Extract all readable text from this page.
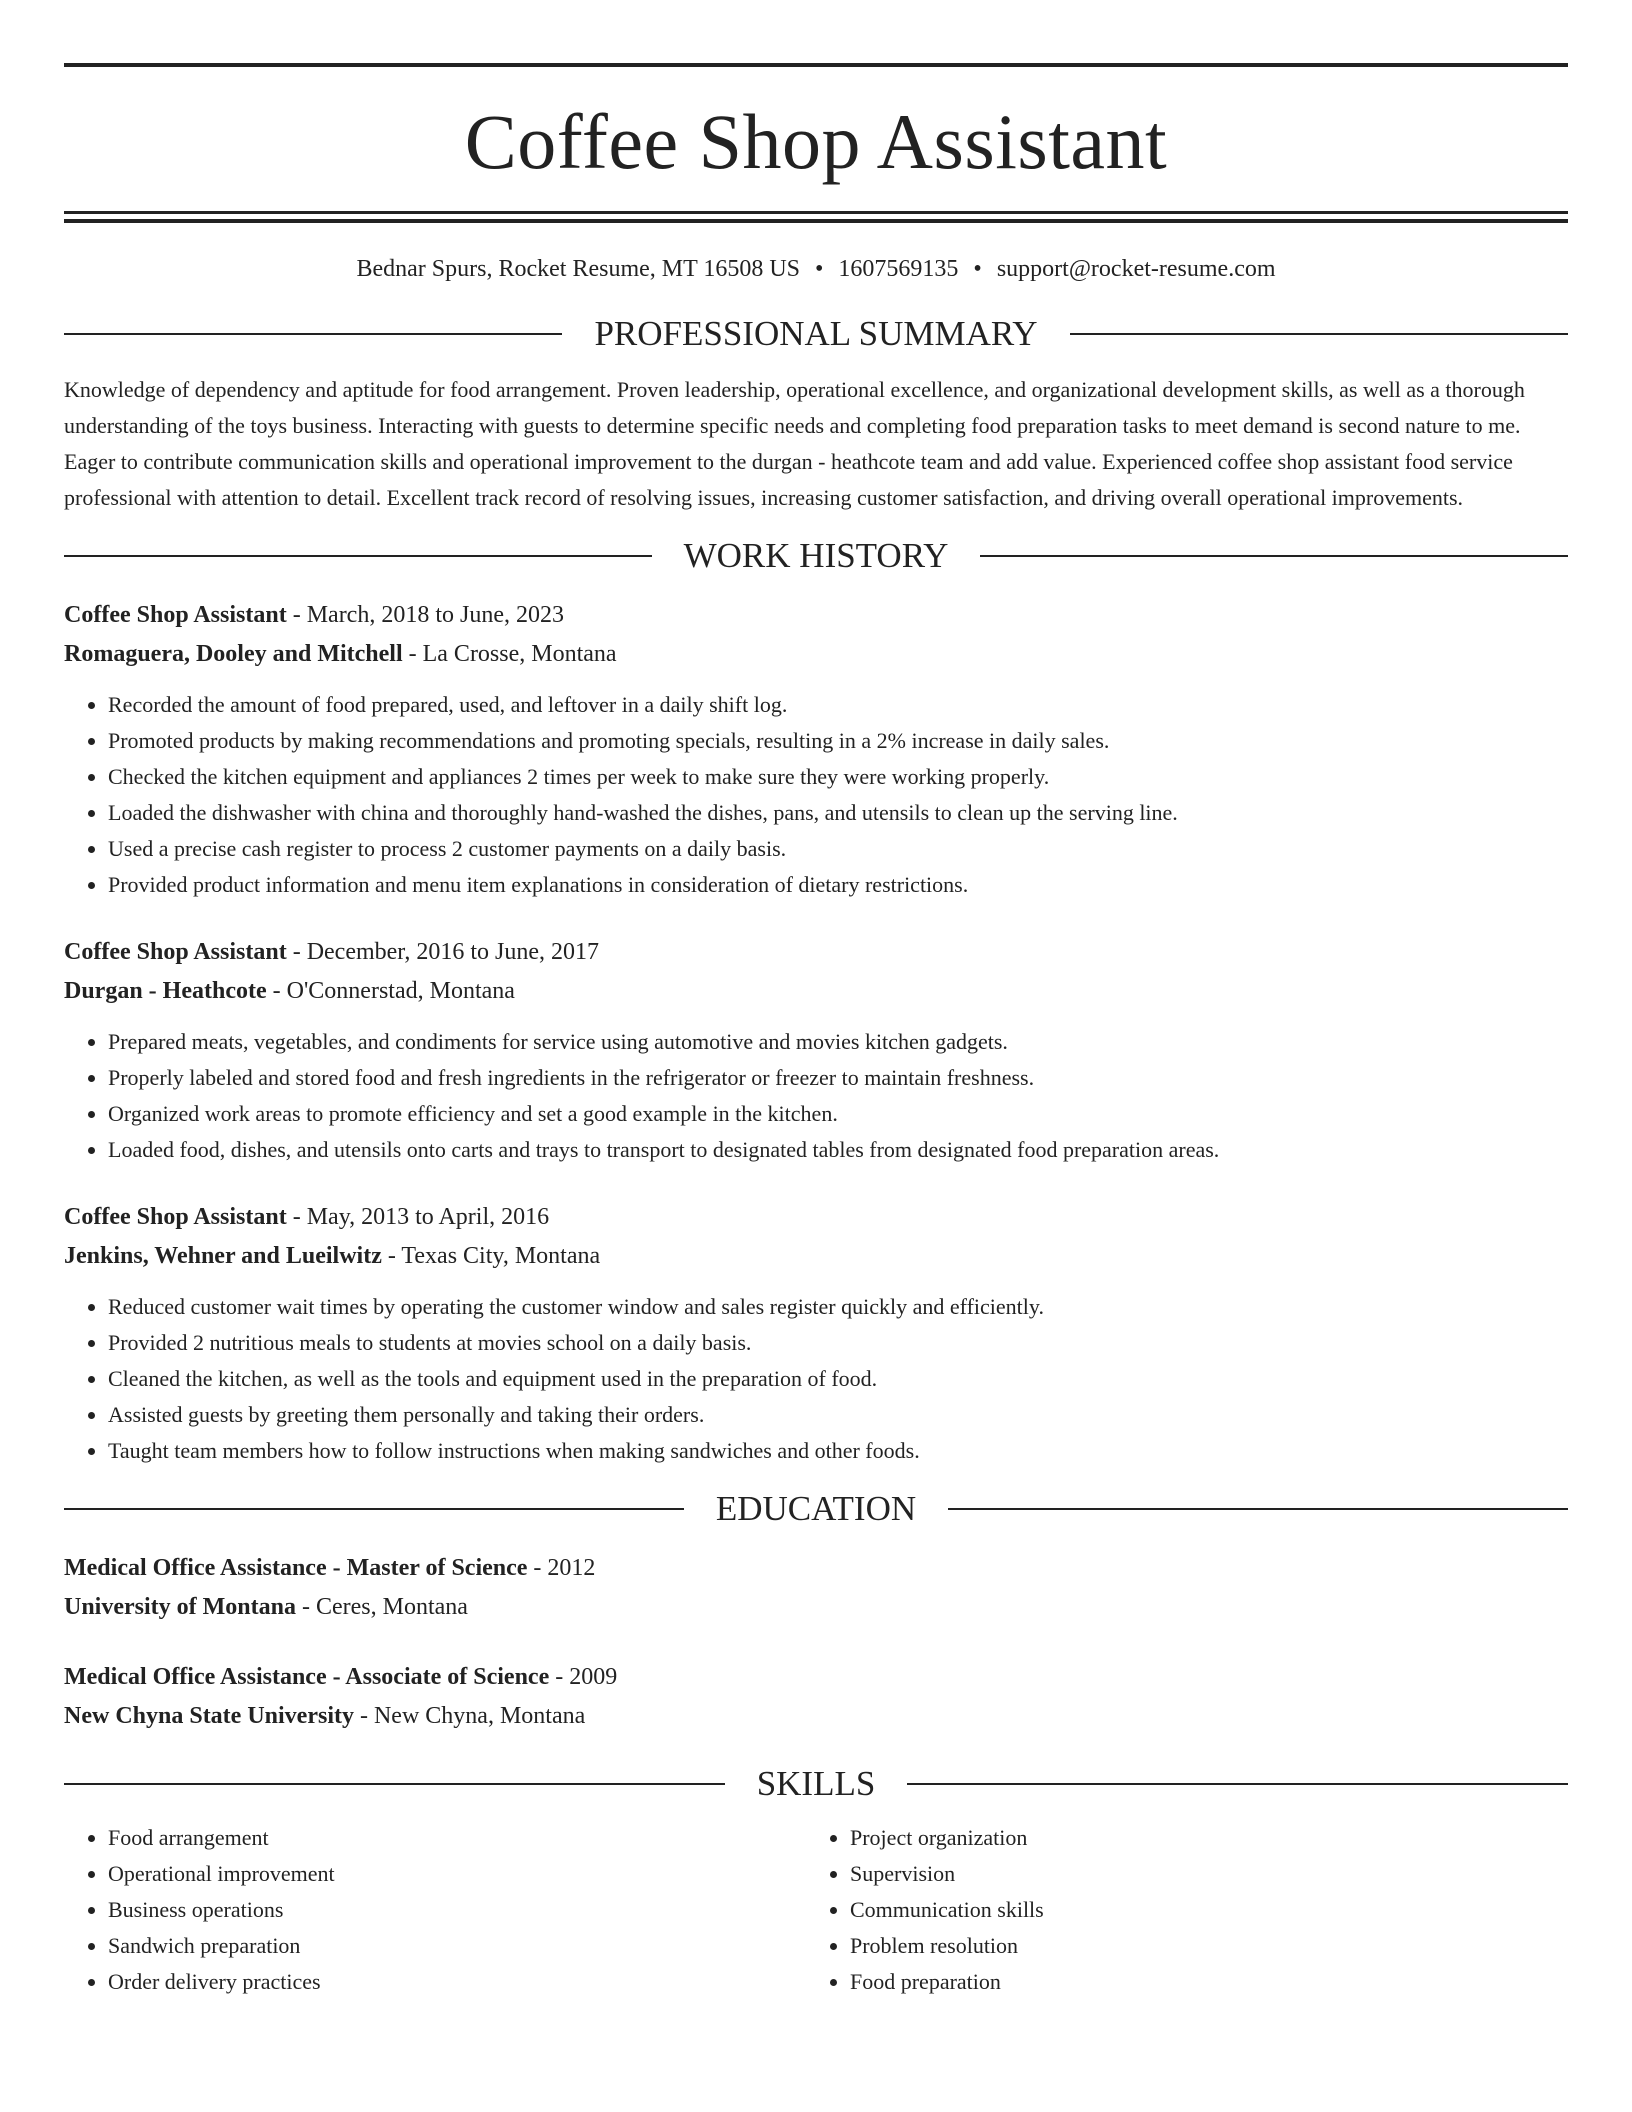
Coffee Shop Assistant
Bednar Spurs, Rocket Resume, MT 16508 US • 1607569135 • support@rocket-resume.com
PROFESSIONAL SUMMARY

Knowledge of dependency and aptitude for food arrangement. Proven leadership, operational excellence, and organizational development skills, as well as a thorough understanding of the toys business. Interacting with guests to determine specific needs and completing food preparation tasks to meet demand is second nature to me. Eager to contribute communication skills and operational improvement to the durgan - heathcote team and add value. Experienced coffee shop assistant food service professional with attention to detail. Excellent track record of resolving issues, increasing customer satisfaction, and driving overall operational improvements.

WORK HISTORY
Coffee Shop Assistant - March, 2018 to June, 2023
Romaguera, Dooley and Mitchell - La Crosse, Montana
• Recorded the amount of food prepared, used, and leftover in a daily shift log.
• Promoted products by making recommendations and promoting specials, resulting in a 2% increase in daily sales.
• Checked the kitchen equipment and appliances 2 times per week to make sure they were working properly.
• Loaded the dishwasher with china and thoroughly hand-washed the dishes, pans, and utensils to clean up the serving line.
• Used a precise cash register to process 2 customer payments on a daily basis.
• Provided product information and menu item explanations in consideration of dietary restrictions.
Coffee Shop Assistant - December, 2016 to June, 2017
Durgan - Heathcote - O'Connerstad, Montana
• Prepared meats, vegetables, and condiments for service using automotive and movies kitchen gadgets.
• Properly labeled and stored food and fresh ingredients in the refrigerator or freezer to maintain freshness.
• Organized work areas to promote efficiency and set a good example in the kitchen.
• Loaded food, dishes, and utensils onto carts and trays to transport to designated tables from designated food preparation areas.
Coffee Shop Assistant - May, 2013 to April, 2016
Jenkins, Wehner and Lueilwitz - Texas City, Montana
• Reduced customer wait times by operating the customer window and sales register quickly and efficiently.
• Provided 2 nutritious meals to students at movies school on a daily basis.
• Cleaned the kitchen, as well as the tools and equipment used in the preparation of food.
• Assisted guests by greeting them personally and taking their orders.
• Taught team members how to follow instructions when making sandwiches and other foods.
EDUCATION
Medical Office Assistance - Master of Science - 2012
University of Montana - Ceres, Montana
Medical Office Assistance - Associate of Science - 2009
New Chyna State University - New Chyna, Montana
SKILLS
• Food arrangement
• Operational improvement
• Business operations
• Sandwich preparation
• Order delivery practices
• Project organization
• Supervision
• Communication skills
• Problem resolution
• Food preparation
